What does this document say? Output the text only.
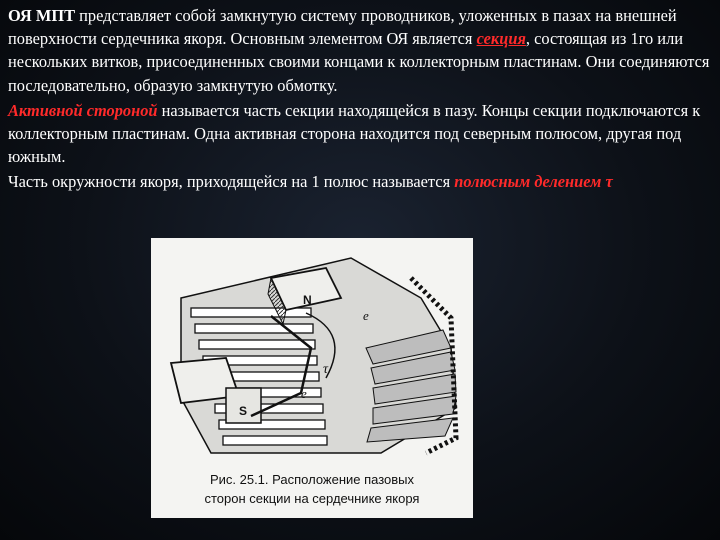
ОЯ МПТ представляет собой замкнутую систему проводников, уложенных в пазах на внешней поверхности сердечника якоря. Основным элементом ОЯ является секция, состоящая из 1го или нескольких витков, присоединенных своими концами к коллекторным пластинам. Они соединяются последовательно, образую замкнутую обмотку.

Активной стороной называется часть секции находящейся в пазу. Концы секции подключаются к коллекторным пластинам. Одна активная сторона находится под северным полюсом, другая под южным.

Часть окружности якоря, приходящейся на 1 полюс называется полюсным делением τ

N
S
e
e
τ
Рис. 25.1. Расположение пазовых
сторон секции на сердечнике якоря
